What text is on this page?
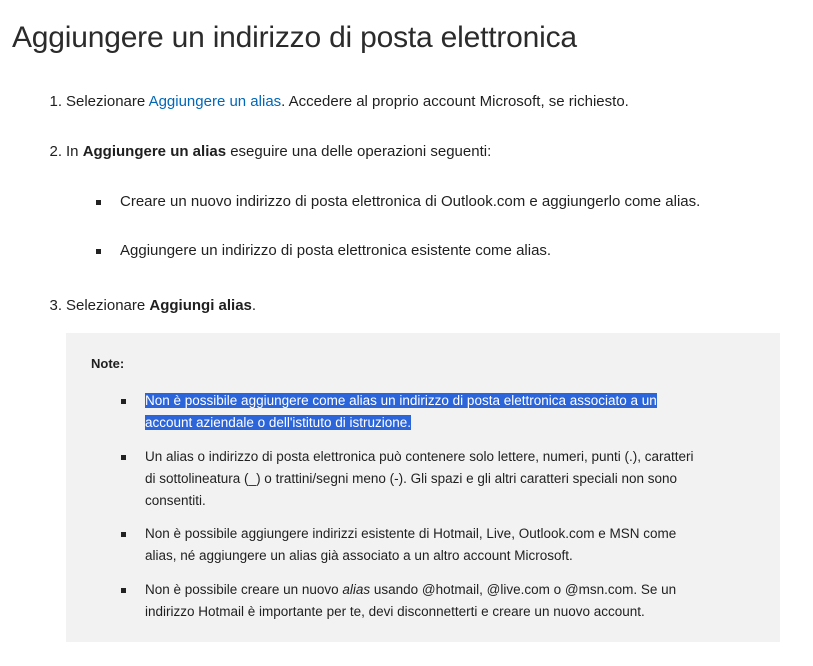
Aggiungere un indirizzo di posta elettronica
1. Selezionare Aggiungere un alias. Accedere al proprio account Microsoft, se richiesto.
2. In Aggiungere un alias eseguire una delle operazioni seguenti:
Creare un nuovo indirizzo di posta elettronica di Outlook.com e aggiungerlo come alias.
Aggiungere un indirizzo di posta elettronica esistente come alias.
3. Selezionare Aggiungi alias.
Note:
Non è possibile aggiungere come alias un indirizzo di posta elettronica associato a un
account aziendale o dell'istituto di istruzione.
Un alias o indirizzo di posta elettronica può contenere solo lettere, numeri, punti (.), caratteri
di sottolineatura (_) o trattini/segni meno (-). Gli spazi e gli altri caratteri speciali non sono
consentiti.
Non è possibile aggiungere indirizzi esistente di Hotmail, Live, Outlook.com e MSN come
alias, né aggiungere un alias già associato a un altro account Microsoft.
Non è possibile creare un nuovo alias usando @hotmail, @live.com o @msn.com. Se un
indirizzo Hotmail è importante per te, devi disconnetterti e creare un nuovo account.
